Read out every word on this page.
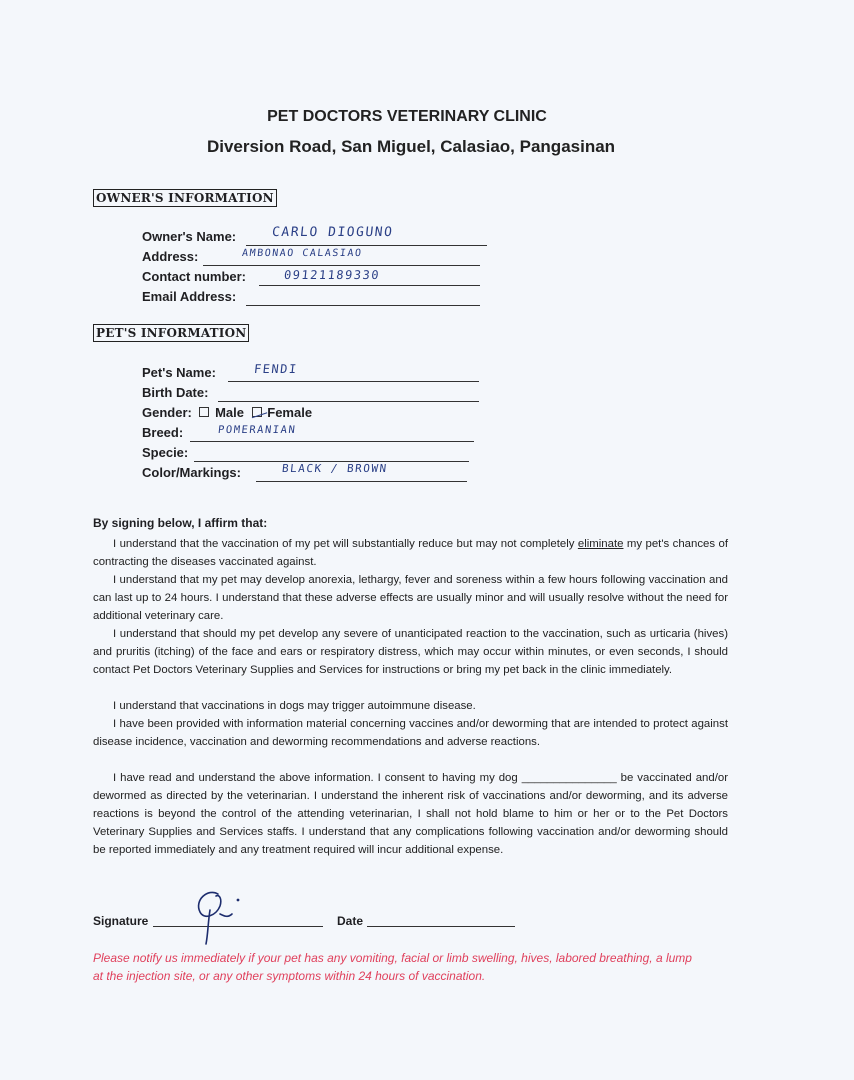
PET DOCTORS VETERINARY CLINIC
Diversion Road, San Miguel, Calasiao, Pangasinan
OWNER'S INFORMATION
Owner's Name:	CARLO DIOGUNO
Address:	AMBONAO CALASIAO
Contact number:	09121189330
Email Address:
PET'S INFORMATION
Pet's Name:	FENDI
Birth Date:
Gender: Male Female
Breed:	POMERANIAN
Specie:
Color/Markings:	BLACK / BROWN
By signing below, I affirm that:
I understand that the vaccination of my pet will substantially reduce but may not completely eliminate my pet's chances of contracting the diseases vaccinated against.
I understand that my pet may develop anorexia, lethargy, fever and soreness within a few hours following vaccination and can last up to 24 hours. I understand that these adverse effects are usually minor and will usually resolve without the need for additional veterinary care.
I understand that should my pet develop any severe of unanticipated reaction to the vaccination, such as urticaria (hives) and pruritis (itching) of the face and ears or respiratory distress, which may occur within minutes, or even seconds, I should contact Pet Doctors Veterinary Supplies and Services for instructions or bring my pet back in the clinic immediately.
I understand that vaccinations in dogs may trigger autoimmune disease.
I have been provided with information material concerning vaccines and/or deworming that are intended to protect against disease incidence, vaccination and deworming recommendations and adverse reactions.
I have read and understand the above information. I consent to having my dog _______________ be vaccinated and/or dewormed as directed by the veterinarian. I understand the inherent risk of vaccinations and/or deworming, and its adverse reactions is beyond the control of the attending veterinarian, I shall not hold blame to him or her or to the Pet Doctors Veterinary Supplies and Services staffs. I understand that any complications following vaccination and/or deworming should be reported immediately and any treatment required will incur additional expense.
Signature	Date
Please notify us immediately if your pet has any vomiting, facial or limb swelling, hives, labored breathing, a lump at the injection site, or any other symptoms within 24 hours of vaccination.
